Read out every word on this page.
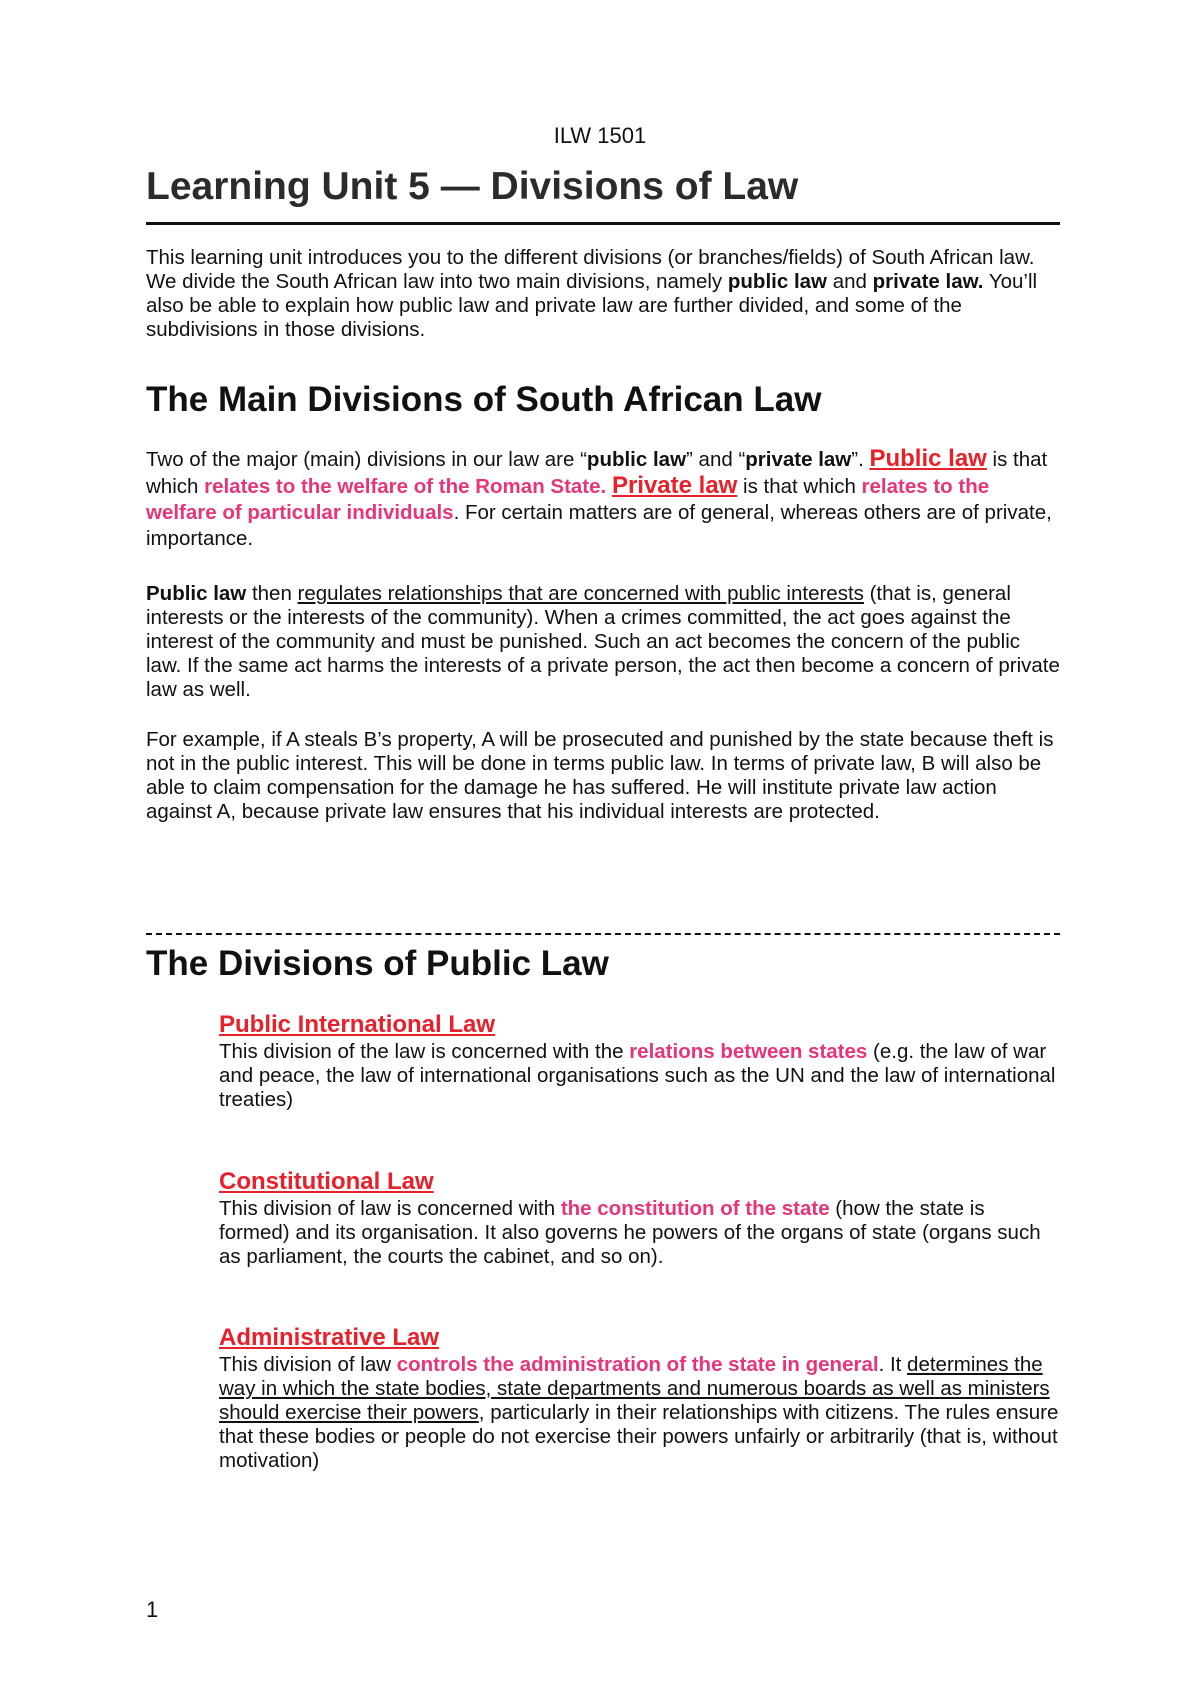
ILW 1501
Learning Unit 5 — Divisions of Law

This learning unit introduces you to the different divisions (or branches/fields) of South African law. We divide the South African law into two main divisions, namely public law and private law. You’ll also be able to explain how public law and private law are further divided, and some of the subdivisions in those divisions.

The Main Divisions of South African Law

Two of the major (main) divisions in our law are “public law” and “private law”. Public law is that which relates to the welfare of the Roman State. Private law is that which relates to the welfare of particular individuals. For certain matters are of general, whereas others are of private, importance.

Public law then regulates relationships that are concerned with public interests (that is, general interests or the interests of the community). When a crimes committed, the act goes against the interest of the community and must be punished. Such an act becomes the concern of the public law. If the same act harms the interests of a private person, the act then become a concern of private law as well.

For example, if A steals B’s property, A will be prosecuted and punished by the state because theft is not in the public interest. This will be done in terms public law. In terms of private law, B will also be able to claim compensation for the damage he has suffered. He will institute private law action against A, because private law ensures that his individual interests are protected.

The Divisions of Public Law
Public International Law

This division of the law is concerned with the relations between states (e.g. the law of war and peace, the law of international organisations such as the UN and the law of international treaties)

Constitutional Law

This division of law is concerned with the constitution of the state (how the state is formed) and its organisation. It also governs he powers of the organs of state (organs such as parliament, the courts the cabinet, and so on).

Administrative Law

This division of law controls the administration of the state in general. It determines the way in which the state bodies, state departments and numerous boards as well as ministers should exercise their powers, particularly in their relationships with citizens. The rules ensure that these bodies or people do not exercise their powers unfairly or arbitrarily (that is, without motivation)

1
